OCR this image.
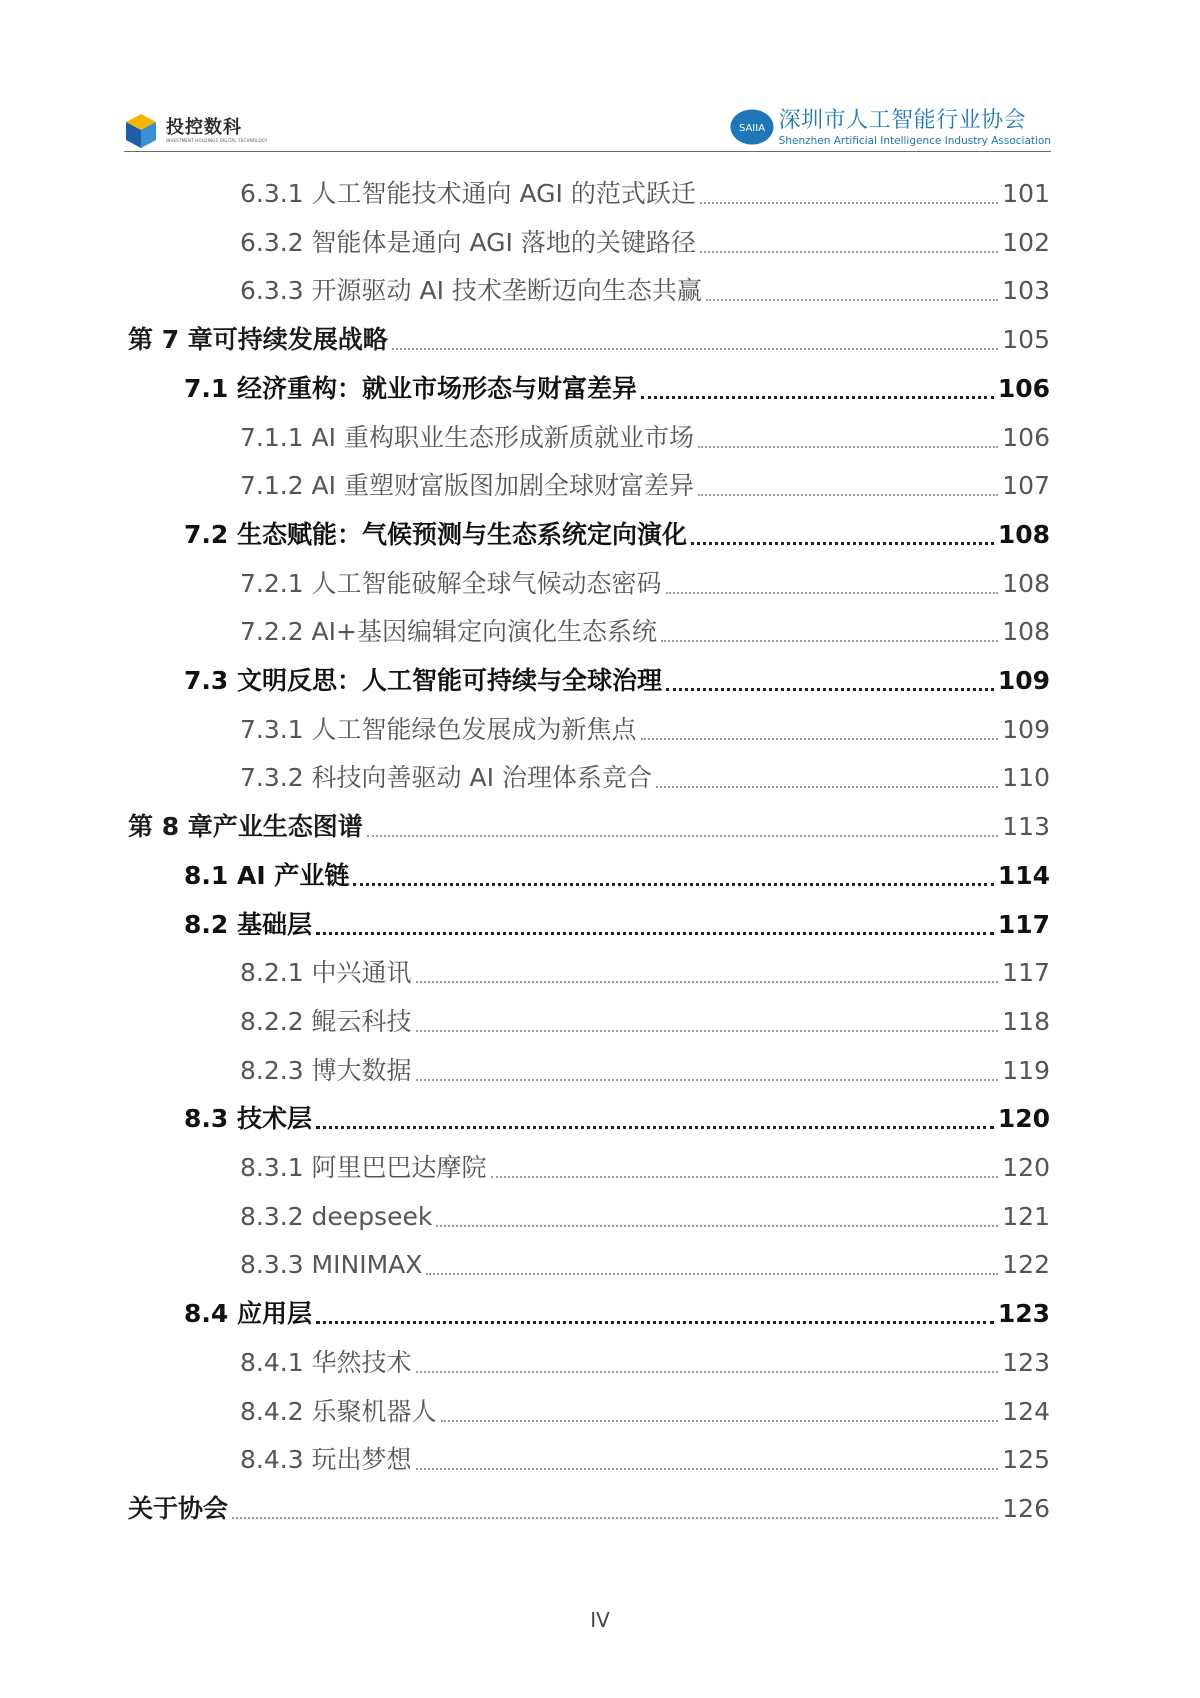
投控数科
INVESTMENT HOLDINGS DIGITAL TECHNOLOGY
SAIIA 深圳市人工智能行业协会
Shenzhen Artificial Intelligence Industry Association
6.3.1 人工智能技术通向 AGI 的范式跃迁	101
6.3.2 智能体是通向 AGI 落地的关键路径	102
6.3.3 开源驱动 AI 技术垄断迈向生态共赢	103
第 7 章可持续发展战略	105
7.1 经济重构：就业市场形态与财富差异	106
7.1.1 AI 重构职业生态形成新质就业市场	106
7.1.2 AI 重塑财富版图加剧全球财富差异	107
7.2 生态赋能：气候预测与生态系统定向演化	108
7.2.1 人工智能破解全球气候动态密码	108
7.2.2 AI+基因编辑定向演化生态系统	108
7.3 文明反思：人工智能可持续与全球治理	109
7.3.1 人工智能绿色发展成为新焦点	109
7.3.2 科技向善驱动 AI 治理体系竞合	110
第 8 章产业生态图谱	113
8.1 AI 产业链	114
8.2 基础层	117
8.2.1 中兴通讯	117
8.2.2 鲲云科技	118
8.2.3 博大数据	119
8.3 技术层	120
8.3.1 阿里巴巴达摩院	120
8.3.2 deepseek	121
8.3.3 MINIMAX	122
8.4 应用层	123
8.4.1 华然技术	123
8.4.2 乐聚机器人	124
8.4.3 玩出梦想	125
关于协会	126
IV
